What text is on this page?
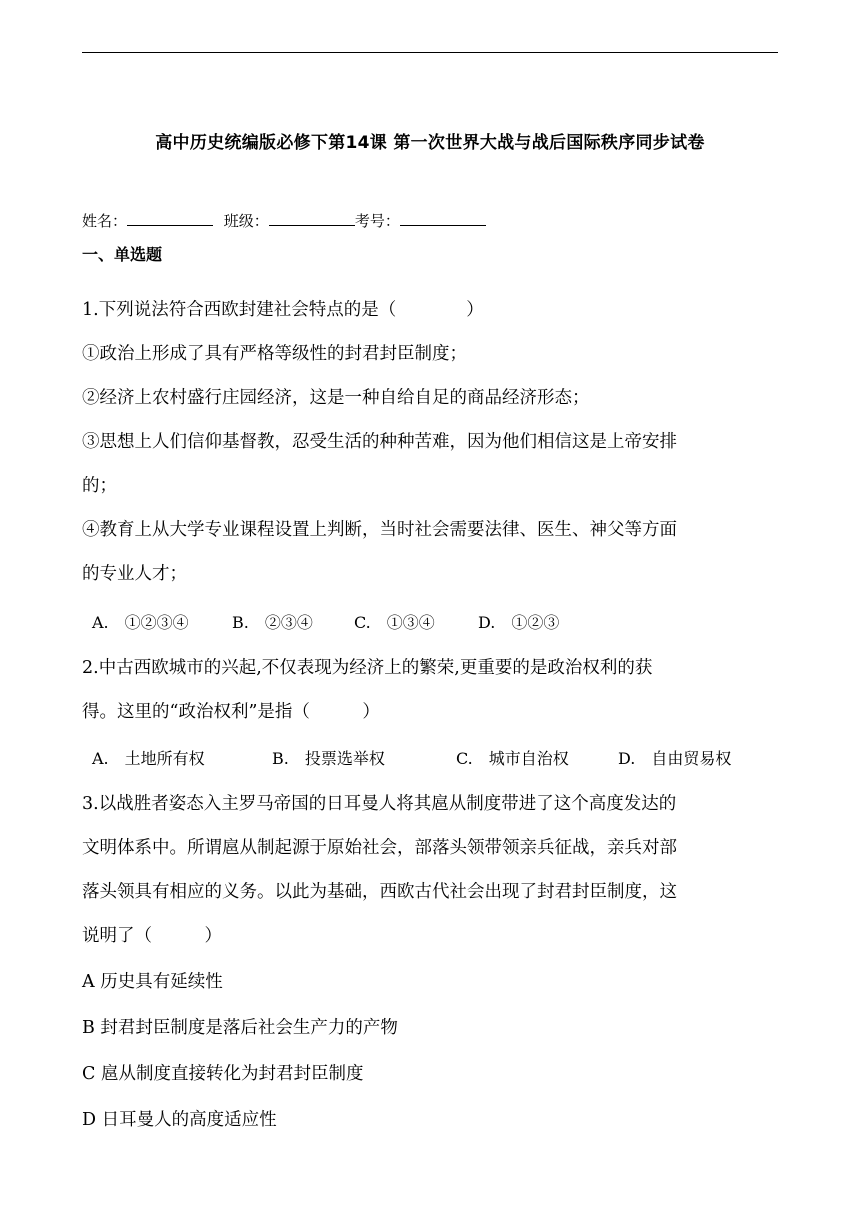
高中历史统编版必修下第14课 第一次世界大战与战后国际秩序同步试卷
姓名：	班级：	考号：
一、单选题
1.下列说法符合西欧封建社会特点的是（　　　　）
①政治上形成了具有严格等级性的封君封臣制度；
②经济上农村盛行庄园经济，这是一种自给自足的商品经济形态；
③思想上人们信仰基督教，忍受生活的种种苦难，因为他们相信这是上帝安排
的；
④教育上从大学专业课程设置上判断，当时社会需要法律、医生、神父等方面
的专业人才；
A.　①②③④	B.　②③④	C.　①③④	D.　①②③
2.中古西欧城市的兴起,不仅表现为经济上的繁荣,更重要的是政治权利的获
得。这里的“政治权利”是指（　　　）
A.　土地所有权	B.　投票选举权	C.　城市自治权	D.　自由贸易权
3.以战胜者姿态入主罗马帝国的日耳曼人将其扈从制度带进了这个高度发达的
文明体系中。所谓扈从制起源于原始社会，部落头领带领亲兵征战，亲兵对部
落头领具有相应的义务。以此为基础，西欧古代社会出现了封君封臣制度，这
说明了（　　　）
A 历史具有延续性
B 封君封臣制度是落后社会生产力的产物
C 扈从制度直接转化为封君封臣制度
D 日耳曼人的高度适应性
